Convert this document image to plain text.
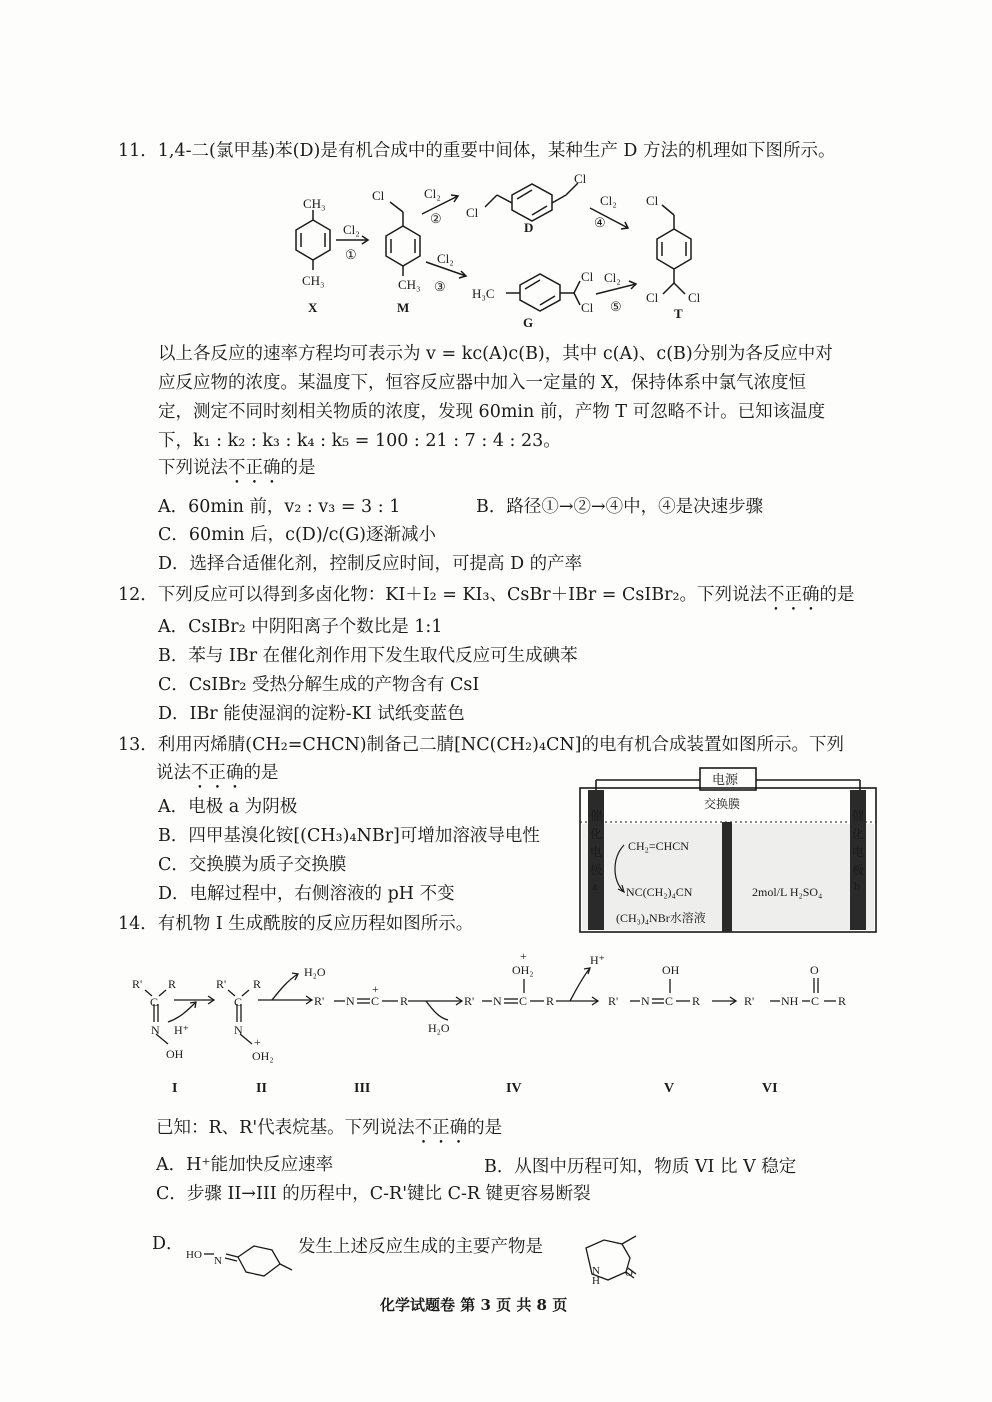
11．1,4-二(氯甲基)苯(D)是有机合成中的重要中间体，某种生产 D 方法的机理如下图所示。
CH₃
CH₃
X
Cl₂
①
Cl
CH₃
M
Cl₂
② Cl
Cl
D
Cl₂
③ H₃C
Cl
Cl
G
Cl₂
④
Cl₂
⑤
Cl
Cl Cl
T
以上各反应的速率方程均可表示为 v = kc(A)c(B)，其中 c(A)、c(B)分别为各反应中对
应反应物的浓度。某温度下，恒容反应器中加入一定量的 X，保持体系中氯气浓度恒
定，测定不同时刻相关物质的浓度，发现 60min 前，产物 T 可忽略不计。已知该温度
下，k₁ : k₂ : k₃ : k₄ : k₅ = 100 : 21 : 7 : 4 : 23。
下列说法不正确的是
A．60min 前，v₂ : v₃ = 3 : 1	B．路径①→②→④中，④是决速步骤
C．60min 后，c(D)/c(G)逐渐减小
D．选择合适催化剂，控制反应时间，可提高 D 的产率
12．下列反应可以得到多卤化物：KI＋I₂ = KI₃、CsBr＋IBr = CsIBr₂。下列说法不正确的是
A．CsIBr₂ 中阴阳离子个数比是 1:1
B．苯与 IBr 在催化剂作用下发生取代反应可生成碘苯
C．CsIBr₂ 受热分解生成的产物含有 CsI
D．IBr 能使湿润的淀粉-KI 试纸变蓝色
13．利用丙烯腈(CH₂=CHCN)制备己二腈[NC(CH₂)₄CN]的电有机合成装置如图所示。下列
说法不正确的是
A．电极 a 为阴极
B．四甲基溴化铵[(CH₃)₄NBr]可增加溶液导电性
C．交换膜为质子交换膜
D．电解过程中，右侧溶液的 pH 不变
电源
交换膜
CH₂=CHCN
NC(CH₂)₄CN
(CH₃)₄NBr水溶液
2mol/L H₂SO₄
催
化
电
极
a
催
化
电
极
b
14．有机物 I 生成酰胺的反应历程如图所示。
R' R
C
H⁺
N
OH
R' R
C
N
+
OH₂
H₂O
R' N C
+
R
H₂O
+
OH₂
R' N C R
H⁺
OH
R' N C R
O
R' NH C R
I	II	III	IV	V	VI
已知：R、R'代表烷基。下列说法不正确的是
A．H⁺能加快反应速率	B．从图中历程可知，物质 VI 比 V 稳定
C．步骤 II→III 的历程中，C-R'键比 C-R 键更容易断裂
D．	发生上述反应生成的主要产物是
HO N
N
H
O
化学试题卷 第 3 页 共 8 页
